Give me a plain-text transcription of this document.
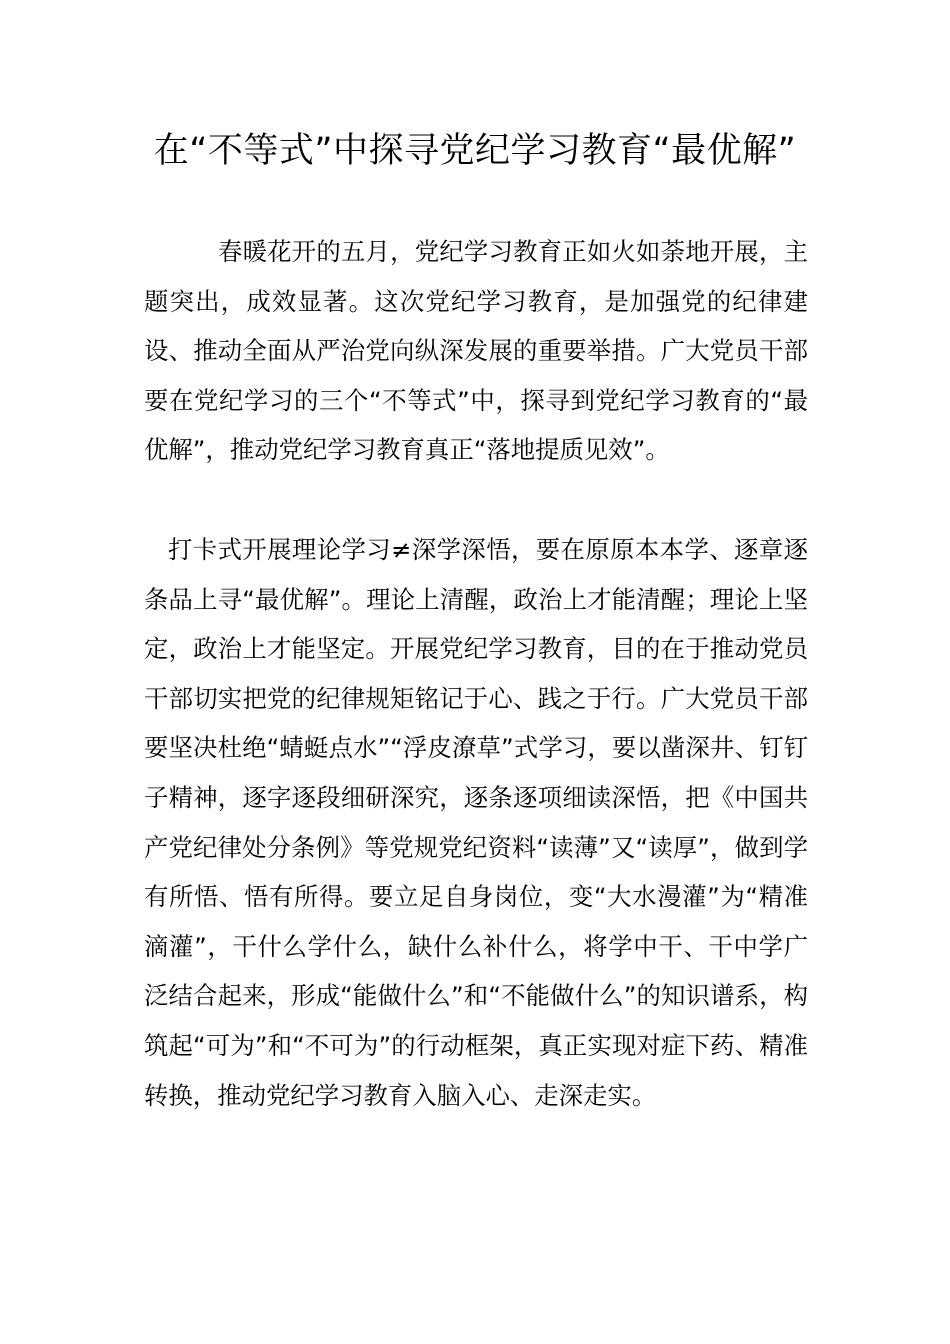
在“不等式”中探寻党纪学习教育“最优解”

春暖花开的五月，党纪学习教育正如火如荼地开展，主题突出，成效显著。这次党纪学习教育，是加强党的纪律建设、推动全面从严治党向纵深发展的重要举措。广大党员干部要在党纪学习的三个“不等式”中，探寻到党纪学习教育的“最优解”，推动党纪学习教育真正“落地提质见效”。

打卡式开展理论学习≠深学深悟，要在原原本本学、逐章逐条品上寻“最优解”。理论上清醒，政治上才能清醒；理论上坚定，政治上才能坚定。开展党纪学习教育，目的在于推动党员干部切实把党的纪律规矩铭记于心、践之于行。广大党员干部要坚决杜绝“蜻蜓点水”“浮皮潦草”式学习，要以凿深井、钉钉子精神，逐字逐段细研深究，逐条逐项细读深悟，把《中国共产党纪律处分条例》等党规党纪资料“读薄”又“读厚”，做到学有所悟、悟有所得。要立足自身岗位，变“大水漫灌”为“精准滴灌”，干什么学什么，缺什么补什么，将学中干、干中学广泛结合起来，形成“能做什么”和“不能做什么”的知识谱系，构筑起“可为”和“不可为”的行动框架，真正实现对症下药、精准转换，推动党纪学习教育入脑入心、走深走实。
